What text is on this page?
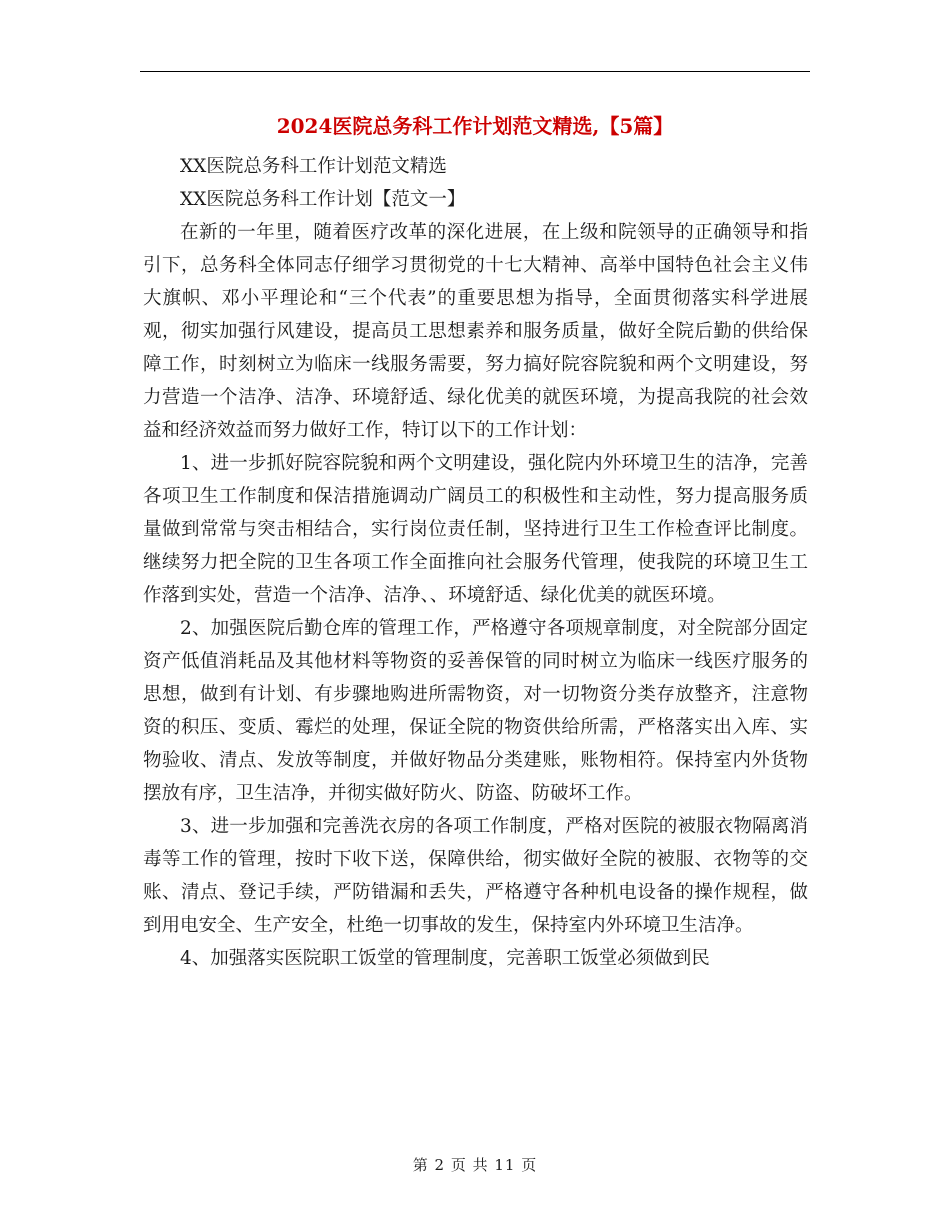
2024医院总务科工作计划范文精选,【5篇】

XX医院总务科工作计划范文精选

XX医院总务科工作计划【范文一】

在新的一年里，随着医疗改革的深化进展，在上级和院领导的正确领导和指引下，总务科全体同志仔细学习贯彻党的十七大精神、高举中国特色社会主义伟大旗帜、邓小平理论和“三个代表”的重要思想为指导，全面贯彻落实科学进展观，彻实加强行风建设，提高员工思想素养和服务质量，做好全院后勤的供给保障工作，时刻树立为临床一线服务需要，努力搞好院容院貌和两个文明建设，努力营造一个洁净、洁净、环境舒适、绿化优美的就医环境，为提高我院的社会效益和经济效益而努力做好工作，特订以下的工作计划：

1、进一步抓好院容院貌和两个文明建设，强化院内外环境卫生的洁净，完善各项卫生工作制度和保洁措施调动广阔员工的积极性和主动性，努力提高服务质量做到常常与突击相结合，实行岗位责任制，坚持进行卫生工作检查评比制度。继续努力把全院的卫生各项工作全面推向社会服务代管理，使我院的环境卫生工作落到实处，营造一个洁净、洁净、、环境舒适、绿化优美的就医环境。

2、加强医院后勤仓库的管理工作，严格遵守各项规章制度，对全院部分固定资产低值消耗品及其他材料等物资的妥善保管的同时树立为临床一线医疗服务的思想，做到有计划、有步骤地购进所需物资，对一切物资分类存放整齐，注意物资的积压、变质、霉烂的处理，保证全院的物资供给所需，严格落实出入库、实物验收、清点、发放等制度，并做好物品分类建账，账物相符。保持室内外货物摆放有序，卫生洁净，并彻实做好防火、防盗、防破坏工作。

3、进一步加强和完善洗衣房的各项工作制度，严格对医院的被服衣物隔离消毒等工作的管理，按时下收下送，保障供给，彻实做好全院的被服、衣物等的交账、清点、登记手续，严防错漏和丢失，严格遵守各种机电设备的操作规程，做到用电安全、生产安全，杜绝一切事故的发生，保持室内外环境卫生洁净。

4、加强落实医院职工饭堂的管理制度，完善职工饭堂必须做到民

第 2 页 共 11 页
